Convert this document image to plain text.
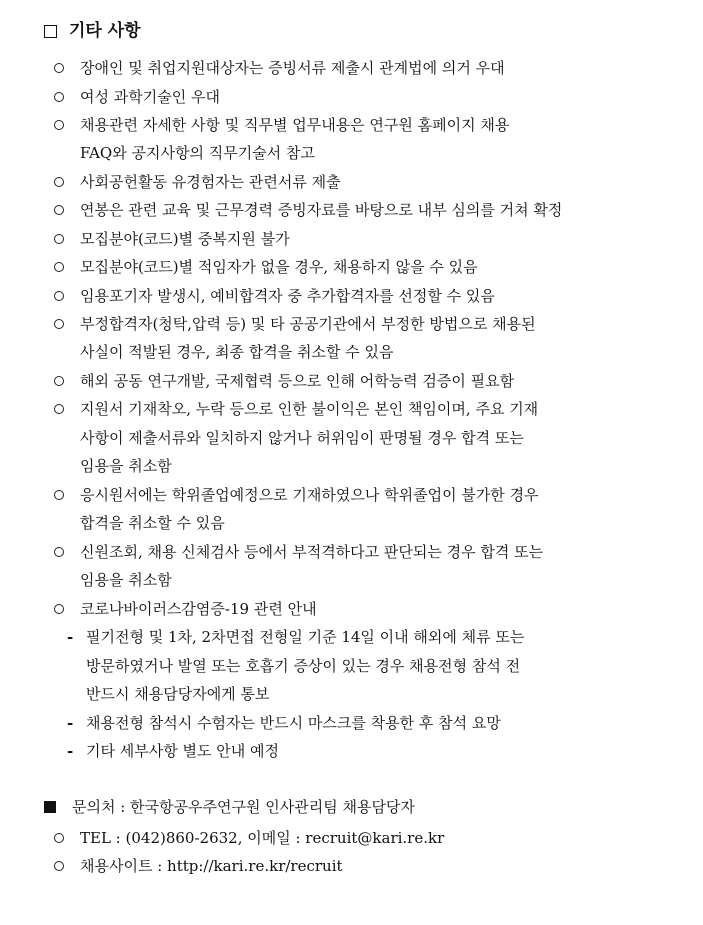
기타 사항
장애인 및 취업지원대상자는 증빙서류 제출시 관계법에 의거 우대
여성 과학기술인 우대
채용관련 자세한 사항 및 직무별 업무내용은 연구원 홈페이지 채용
FAQ와 공지사항의 직무기술서 참고
사회공헌활동 유경험자는 관련서류 제출
연봉은 관련 교육 및 근무경력 증빙자료를 바탕으로 내부 심의를 거쳐 확정
모집분야(코드)별 중복지원 불가
모집분야(코드)별 적임자가 없을 경우, 채용하지 않을 수 있음
임용포기자 발생시, 예비합격자 중 추가합격자를 선정할 수 있음
부정합격자(청탁,압력 등) 및 타 공공기관에서 부정한 방법으로 채용된
사실이 적발된 경우, 최종 합격을 취소할 수 있음
해외 공동 연구개발, 국제협력 등으로 인해 어학능력 검증이 필요함
지원서 기재착오, 누락 등으로 인한 불이익은 본인 책임이며, 주요 기재
사항이 제출서류와 일치하지 않거나 허위임이 판명될 경우 합격 또는
임용을 취소함
응시원서에는 학위졸업예정으로 기재하였으나 학위졸업이 불가한 경우
합격을 취소할 수 있음
신원조회, 채용 신체검사 등에서 부적격하다고 판단되는 경우 합격 또는
임용을 취소함
코로나바이러스감염증-19 관련 안내
- 필기전형 및 1차, 2차면접 전형일 기준 14일 이내 해외에 체류 또는
방문하였거나 발열 또는 호흡기 증상이 있는 경우 채용전형 참석 전
반드시 채용담당자에게 통보
- 채용전형 참석시 수험자는 반드시 마스크를 착용한 후 참석 요망
- 기타 세부사항 별도 안내 예정
문의처 : 한국항공우주연구원 인사관리팀 채용담당자
TEL : (042)860-2632, 이메일 : recruit@kari.re.kr
채용사이트 : http://kari.re.kr/recruit
